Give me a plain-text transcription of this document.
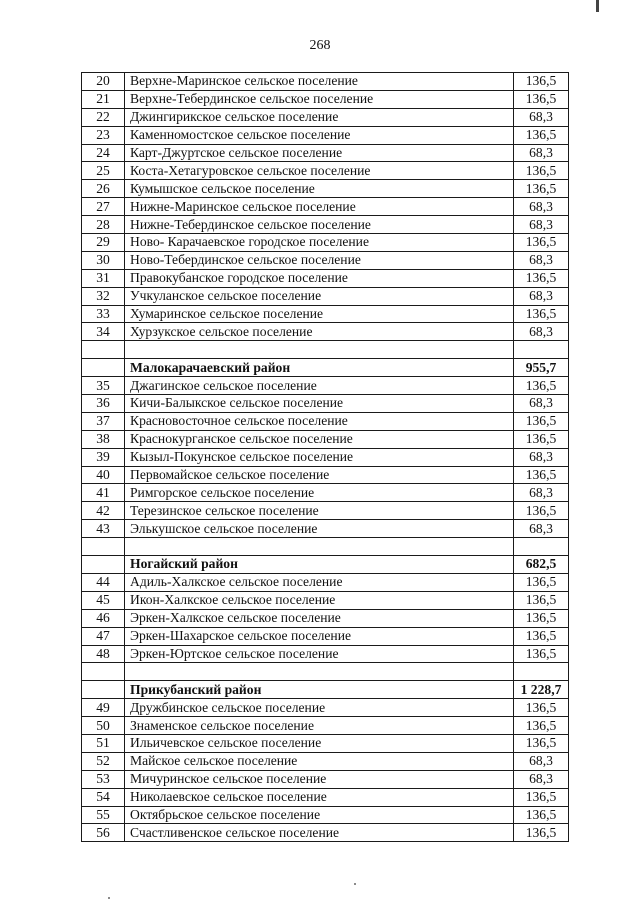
268
20	Верхне-Маринское сельское поселение	136,5
21	Верхне-Тебердинское сельское поселение	136,5
22	Джингирикское сельское поселение	68,3
23	Каменномостское сельское поселение	136,5
24	Карт-Джуртское сельское поселение	68,3
25	Коста-Хетагуровское сельское поселение	136,5
26	Кумышское сельское поселение	136,5
27	Нижне-Маринское сельское поселение	68,3
28	Нижне-Тебердинское сельское поселение	68,3
29	Ново- Карачаевское городское поселение	136,5
30	Ново-Тебердинское сельское поселение	68,3
31	Правокубанское городское поселение	136,5
32	Учкуланское сельское поселение	68,3
33	Хумаринское сельское поселение	136,5
34	Хурзукское сельское поселение	68,3

	Малокарачаевский район	955,7
35	Джагинское сельское поселение	136,5
36	Кичи-Балыкское сельское поселение	68,3
37	Красновосточное сельское поселение	136,5
38	Краснокурганское сельское поселение	136,5
39	Кызыл-Покунское сельское поселение	68,3
40	Первомайское сельское поселение	136,5
41	Римгорское сельское поселение	68,3
42	Терезинское сельское поселение	136,5
43	Элькушское сельское поселение	68,3

	Ногайский район	682,5
44	Адиль-Халкское сельское поселение	136,5
45	Икон-Халкское сельское поселение	136,5
46	Эркен-Халкское сельское поселение	136,5
47	Эркен-Шахарское сельское поселение	136,5
48	Эркен-Юртское сельское поселение	136,5

	Прикубанский район	1 228,7
49	Дружбинское сельское поселение	136,5
50	Знаменское сельское поселение	136,5
51	Ильичевское сельское поселение	136,5
52	Майское сельское поселение	68,3
53	Мичуринское сельское поселение	68,3
54	Николаевское сельское поселение	136,5
55	Октябрьское сельское поселение	136,5
56	Счастливенское сельское поселение	136,5
